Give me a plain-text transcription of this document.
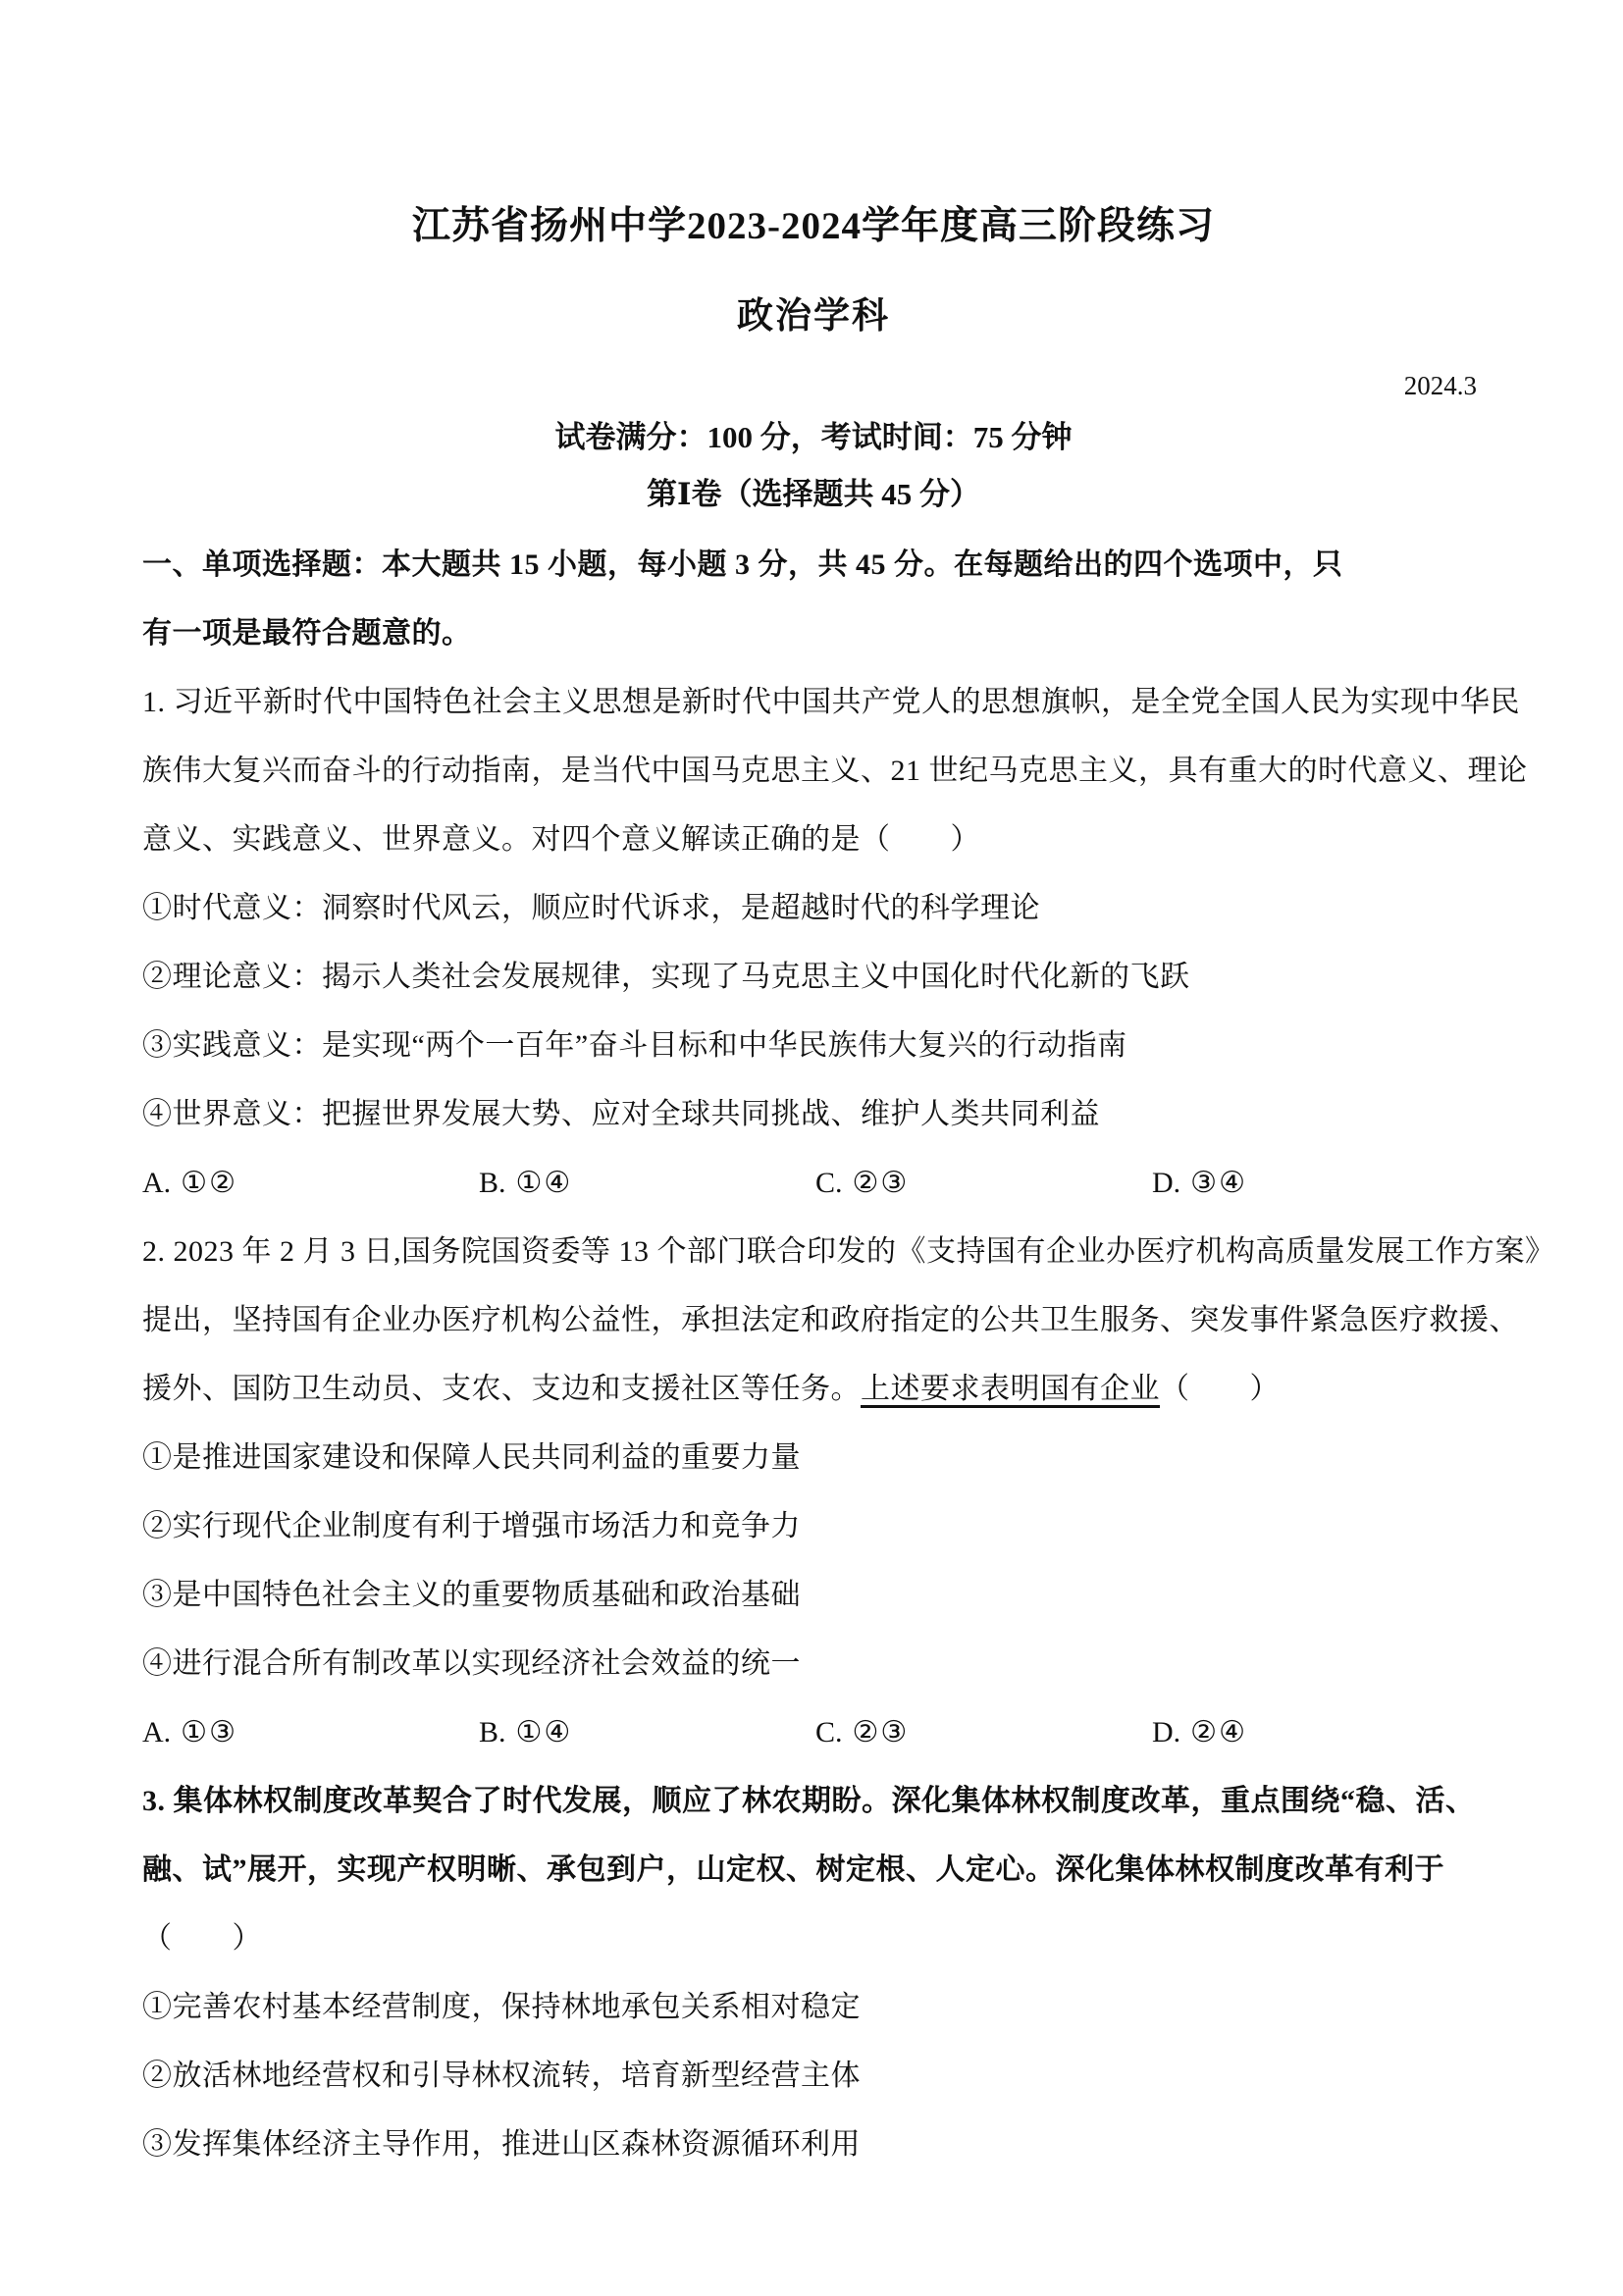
江苏省扬州中学2023-2024学年度高三阶段练习
政治学科
2024.3
试卷满分：100 分，考试时间：75 分钟
第Ⅰ卷（选择题共 45 分）
一、单项选择题：本大题共 15 小题，每小题 3 分，共 45 分。在每题给出的四个选项中，只
有一项是最符合题意的。
1. 习近平新时代中国特色社会主义思想是新时代中国共产党人的思想旗帜，是全党全国人民为实现中华民
族伟大复兴而奋斗的行动指南，是当代中国马克思主义、21 世纪马克思主义，具有重大的时代意义、理论
意义、实践意义、世界意义。对四个意义解读正确的是（　　）
①时代意义：洞察时代风云，顺应时代诉求，是超越时代的科学理论
②理论意义：揭示人类社会发展规律，实现了马克思主义中国化时代化新的飞跃
③实践意义：是实现“两个一百年”奋斗目标和中华民族伟大复兴的行动指南
④世界意义：把握世界发展大势、应对全球共同挑战、维护人类共同利益
A. ①②	B. ①④	C. ②③	D. ③④
2. 2023 年 2 月 3 日,国务院国资委等 13 个部门联合印发的《支持国有企业办医疗机构高质量发展工作方案》
提出，坚持国有企业办医疗机构公益性，承担法定和政府指定的公共卫生服务、突发事件紧急医疗救援、
援外、国防卫生动员、支农、支边和支援社区等任务。上述要求表明国有企业（　　）
①是推进国家建设和保障人民共同利益的重要力量
②实行现代企业制度有利于增强市场活力和竞争力
③是中国特色社会主义的重要物质基础和政治基础
④进行混合所有制改革以实现经济社会效益的统一
A. ①③	B. ①④	C. ②③	D. ②④
3. 集体林权制度改革契合了时代发展，顺应了林农期盼。深化集体林权制度改革，重点围绕“稳、活、
融、试”展开，实现产权明晰、承包到户，山定权、树定根、人定心。深化集体林权制度改革有利于
（　　）
①完善农村基本经营制度，保持林地承包关系相对稳定
②放活林地经营权和引导林权流转，培育新型经营主体
③发挥集体经济主导作用，推进山区森林资源循环利用
